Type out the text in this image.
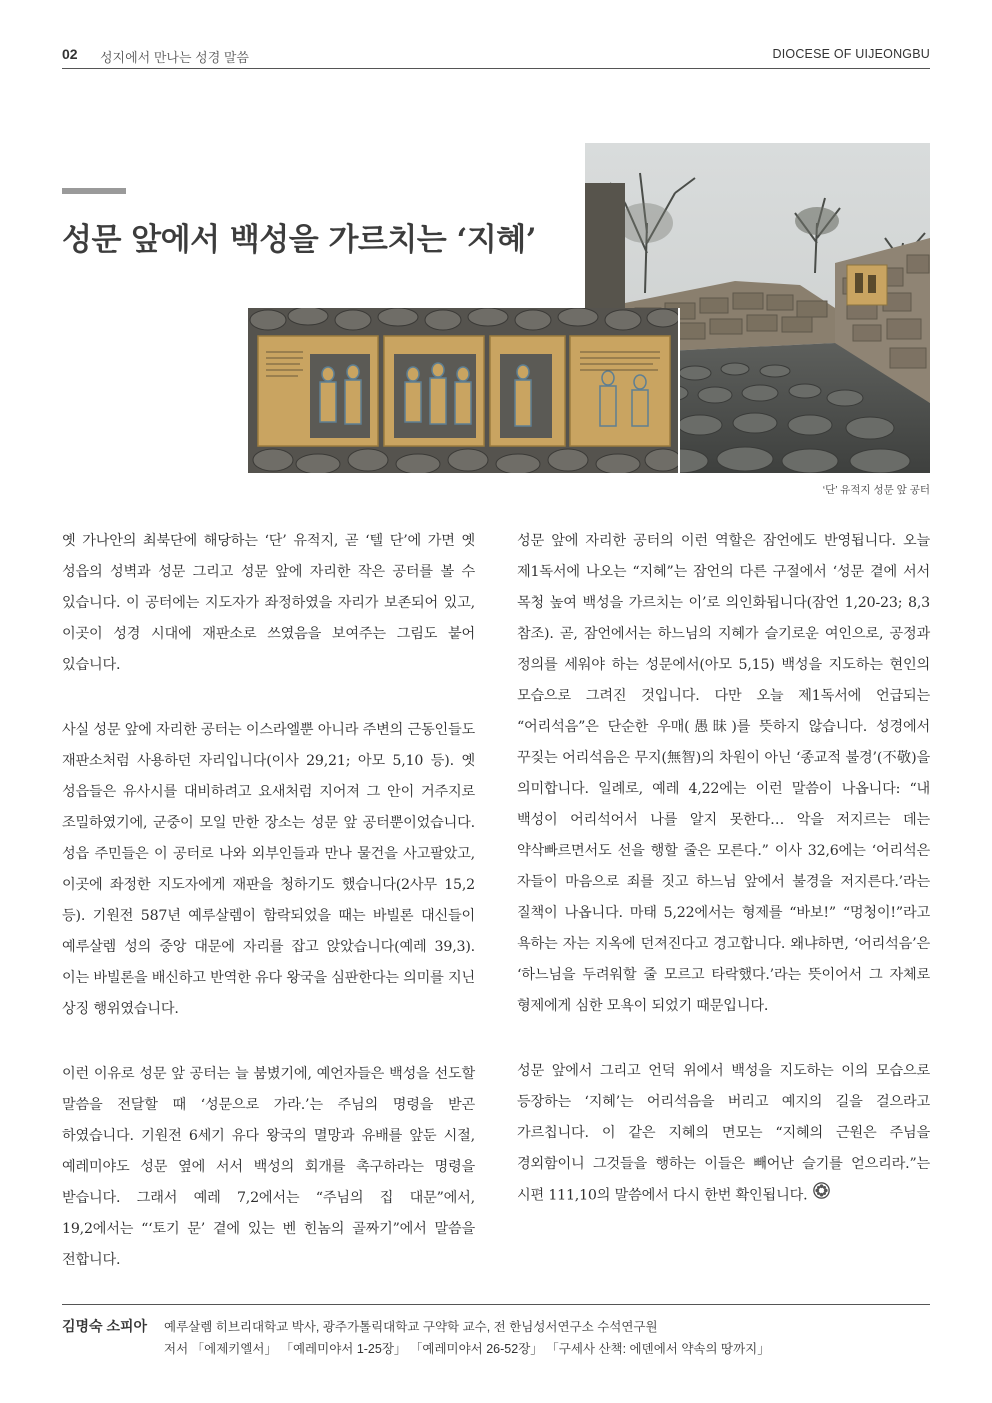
02 성지에서 만나는 성경 말씀	DIOCESE OF UIJEONGBU
성문 앞에서 백성을 가르치는 ‘지혜’
‘단’ 유적지 성문 앞 공터

옛 가나안의 최북단에 해당하는 ‘단’ 유적지, 곧 ‘텔 단’에 가면 옛 성읍의 성벽과 성문 그리고 성문 앞에 자리한 작은 공터를 볼 수 있습니다. 이 공터에는 지도자가 좌정하였을 자리가 보존되어 있고, 이곳이 성경 시대에 재판소로 쓰였음을 보여주는 그림도 붙어 있습니다.

사실 성문 앞에 자리한 공터는 이스라엘뿐 아니라 주변의 근동인들도 재판소처럼 사용하던 자리입니다(이사 29,21; 아모 5,10 등). 옛 성읍들은 유사시를 대비하려고 요새처럼 지어져 그 안이 거주지로 조밀하였기에, 군중이 모일 만한 장소는 성문 앞 공터뿐이었습니다. 성읍 주민들은 이 공터로 나와 외부인들과 만나 물건을 사고팔았고, 이곳에 좌정한 지도자에게 재판을 청하기도 했습니다(2사무 15,2 등). 기원전 587년 예루살렘이 함락되었을 때는 바빌론 대신들이 예루살렘 성의 중앙 대문에 자리를 잡고 앉았습니다(예레 39,3). 이는 바빌론을 배신하고 반역한 유다 왕국을 심판한다는 의미를 지닌 상징 행위였습니다.

이런 이유로 성문 앞 공터는 늘 붐볐기에, 예언자들은 백성을 선도할 말씀을 전달할 때 ‘성문으로 가라.’는 주님의 명령을 받곤 하였습니다. 기원전 6세기 유다 왕국의 멸망과 유배를 앞둔 시절, 예레미야도 성문 옆에 서서 백성의 회개를 촉구하라는 명령을 받습니다. 그래서 예레 7,2에서는 “주님의 집 대문”에서, 19,2에서는 “‘토기 문’ 곁에 있는 벤 힌놈의 골짜기”에서 말씀을 전합니다.

성문 앞에 자리한 공터의 이런 역할은 잠언에도 반영됩니다. 오늘 제1독서에 나오는 “지혜”는 잠언의 다른 구절에서 ‘성문 곁에 서서 목청 높여 백성을 가르치는 이’로 의인화됩니다(잠언 1,20-23; 8,3 참조). 곧, 잠언에서는 하느님의 지혜가 슬기로운 여인으로, 공정과 정의를 세워야 하는 성문에서(아모 5,15) 백성을 지도하는 현인의 모습으로 그려진 것입니다. 다만 오늘 제1독서에 언급되는 “어리석음”은 단순한 우매(愚昧)를 뜻하지 않습니다. 성경에서 꾸짖는 어리석음은 무지(無智)의 차원이 아닌 ‘종교적 불경’(不敬)을 의미합니다. 일례로, 예레 4,22에는 이런 말씀이 나옵니다: “내 백성이 어리석어서 나를 알지 못한다… 악을 저지르는 데는 약삭빠르면서도 선을 행할 줄은 모른다.” 이사 32,6에는 ‘어리석은 자들이 마음으로 죄를 짓고 하느님 앞에서 불경을 저지른다.’라는 질책이 나옵니다. 마태 5,22에서는 형제를 “바보!” “멍청이!”라고 욕하는 자는 지옥에 던져진다고 경고합니다. 왜냐하면, ‘어리석음’은 ‘하느님을 두려워할 줄 모르고 타락했다.’라는 뜻이어서 그 자체로 형제에게 심한 모욕이 되었기 때문입니다.

성문 앞에서 그리고 언덕 위에서 백성을 지도하는 이의 모습으로 등장하는 ‘지혜’는 어리석음을 버리고 예지의 길을 걸으라고 가르칩니다. 이 같은 지혜의 면모는 “지혜의 근원은 주님을 경외함이니 그것들을 행하는 이들은 빼어난 슬기를 얻으리라.”는 시편 111,10의 말씀에서 다시 한번 확인됩니다.

김명숙 소피아 예루살렘 히브리대학교 박사, 광주가톨릭대학교 구약학 교수, 전 한님성서연구소 수석연구원
저서 「에제키엘서」 「예레미야서 1-25장」 「예레미야서 26-52장」 「구세사 산책: 에덴에서 약속의 땅까지」
